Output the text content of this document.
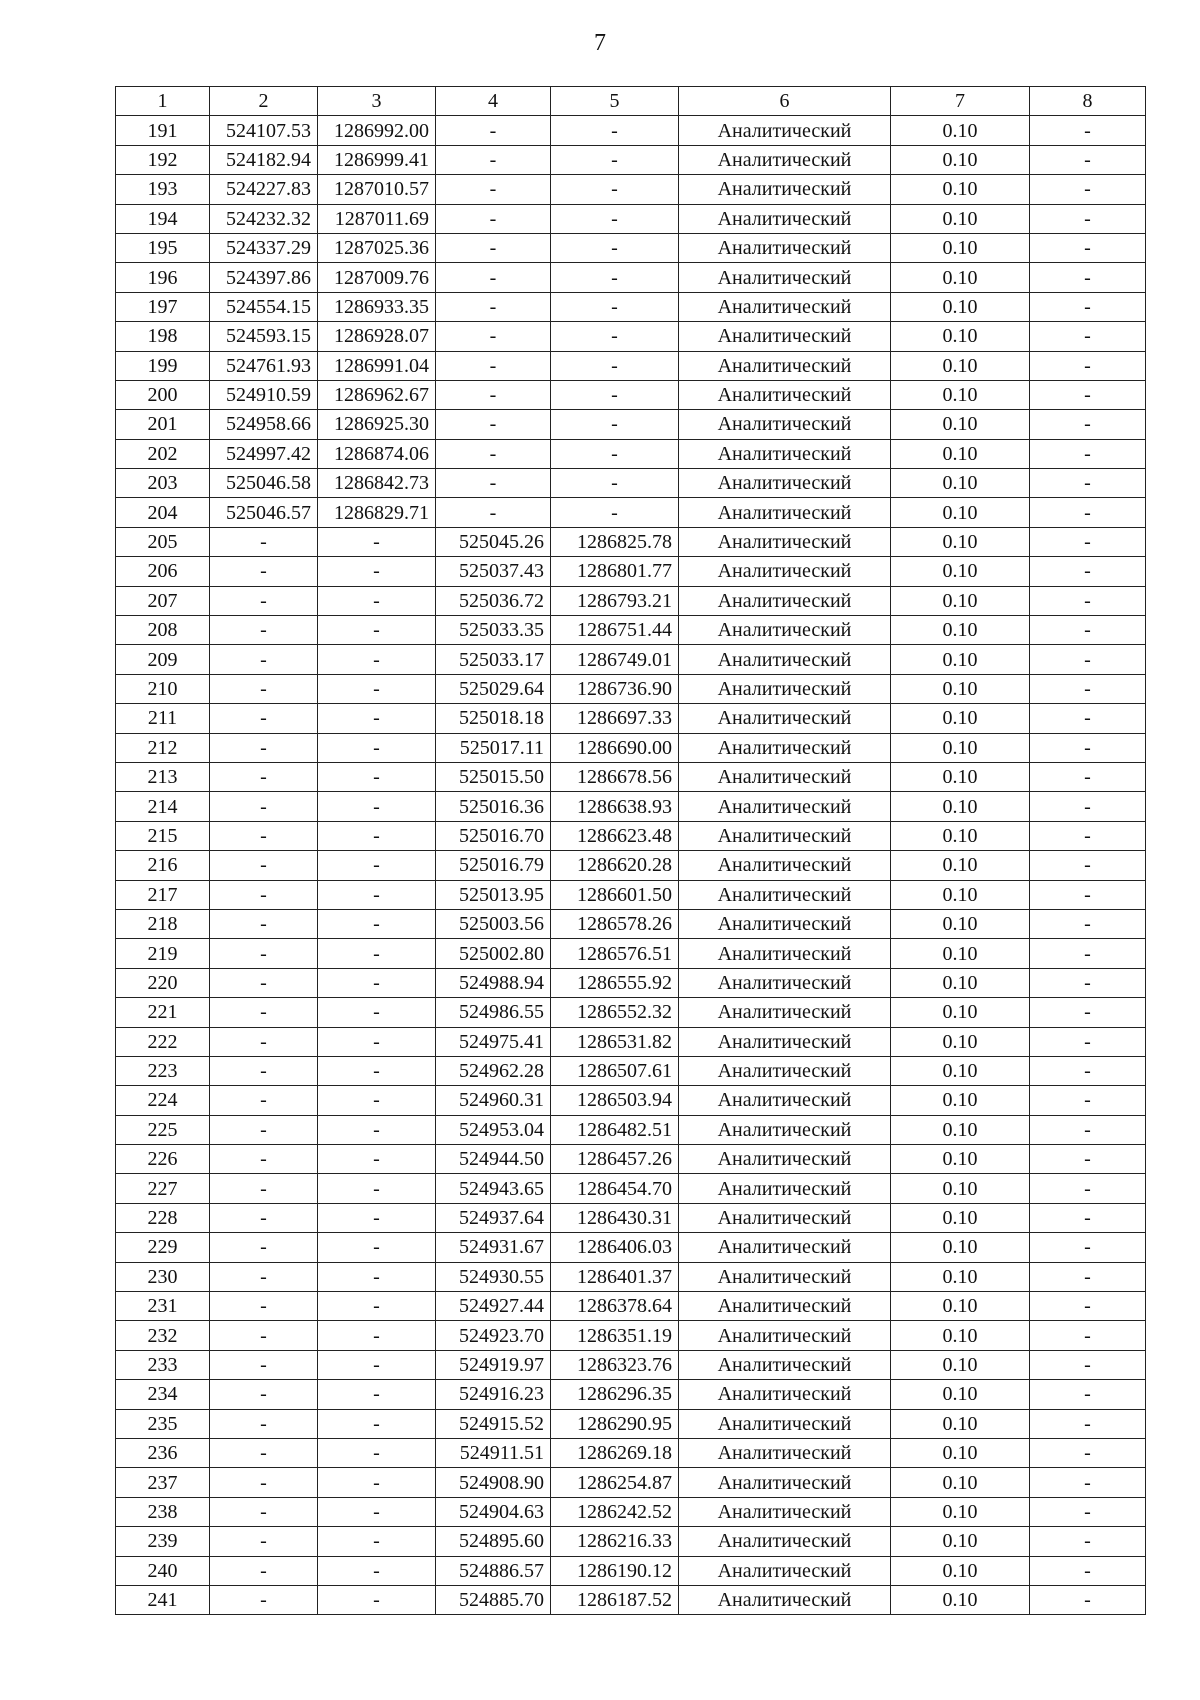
7
1	2	3	4	5	6	7	8
191	524107.53	1286992.00	-	-	Аналитический	0.10	-
192	524182.94	1286999.41	-	-	Аналитический	0.10	-
193	524227.83	1287010.57	-	-	Аналитический	0.10	-
194	524232.32	1287011.69	-	-	Аналитический	0.10	-
195	524337.29	1287025.36	-	-	Аналитический	0.10	-
196	524397.86	1287009.76	-	-	Аналитический	0.10	-
197	524554.15	1286933.35	-	-	Аналитический	0.10	-
198	524593.15	1286928.07	-	-	Аналитический	0.10	-
199	524761.93	1286991.04	-	-	Аналитический	0.10	-
200	524910.59	1286962.67	-	-	Аналитический	0.10	-
201	524958.66	1286925.30	-	-	Аналитический	0.10	-
202	524997.42	1286874.06	-	-	Аналитический	0.10	-
203	525046.58	1286842.73	-	-	Аналитический	0.10	-
204	525046.57	1286829.71	-	-	Аналитический	0.10	-
205	-	-	525045.26	1286825.78	Аналитический	0.10	-
206	-	-	525037.43	1286801.77	Аналитический	0.10	-
207	-	-	525036.72	1286793.21	Аналитический	0.10	-
208	-	-	525033.35	1286751.44	Аналитический	0.10	-
209	-	-	525033.17	1286749.01	Аналитический	0.10	-
210	-	-	525029.64	1286736.90	Аналитический	0.10	-
211	-	-	525018.18	1286697.33	Аналитический	0.10	-
212	-	-	525017.11	1286690.00	Аналитический	0.10	-
213	-	-	525015.50	1286678.56	Аналитический	0.10	-
214	-	-	525016.36	1286638.93	Аналитический	0.10	-
215	-	-	525016.70	1286623.48	Аналитический	0.10	-
216	-	-	525016.79	1286620.28	Аналитический	0.10	-
217	-	-	525013.95	1286601.50	Аналитический	0.10	-
218	-	-	525003.56	1286578.26	Аналитический	0.10	-
219	-	-	525002.80	1286576.51	Аналитический	0.10	-
220	-	-	524988.94	1286555.92	Аналитический	0.10	-
221	-	-	524986.55	1286552.32	Аналитический	0.10	-
222	-	-	524975.41	1286531.82	Аналитический	0.10	-
223	-	-	524962.28	1286507.61	Аналитический	0.10	-
224	-	-	524960.31	1286503.94	Аналитический	0.10	-
225	-	-	524953.04	1286482.51	Аналитический	0.10	-
226	-	-	524944.50	1286457.26	Аналитический	0.10	-
227	-	-	524943.65	1286454.70	Аналитический	0.10	-
228	-	-	524937.64	1286430.31	Аналитический	0.10	-
229	-	-	524931.67	1286406.03	Аналитический	0.10	-
230	-	-	524930.55	1286401.37	Аналитический	0.10	-
231	-	-	524927.44	1286378.64	Аналитический	0.10	-
232	-	-	524923.70	1286351.19	Аналитический	0.10	-
233	-	-	524919.97	1286323.76	Аналитический	0.10	-
234	-	-	524916.23	1286296.35	Аналитический	0.10	-
235	-	-	524915.52	1286290.95	Аналитический	0.10	-
236	-	-	524911.51	1286269.18	Аналитический	0.10	-
237	-	-	524908.90	1286254.87	Аналитический	0.10	-
238	-	-	524904.63	1286242.52	Аналитический	0.10	-
239	-	-	524895.60	1286216.33	Аналитический	0.10	-
240	-	-	524886.57	1286190.12	Аналитический	0.10	-
241	-	-	524885.70	1286187.52	Аналитический	0.10	-
